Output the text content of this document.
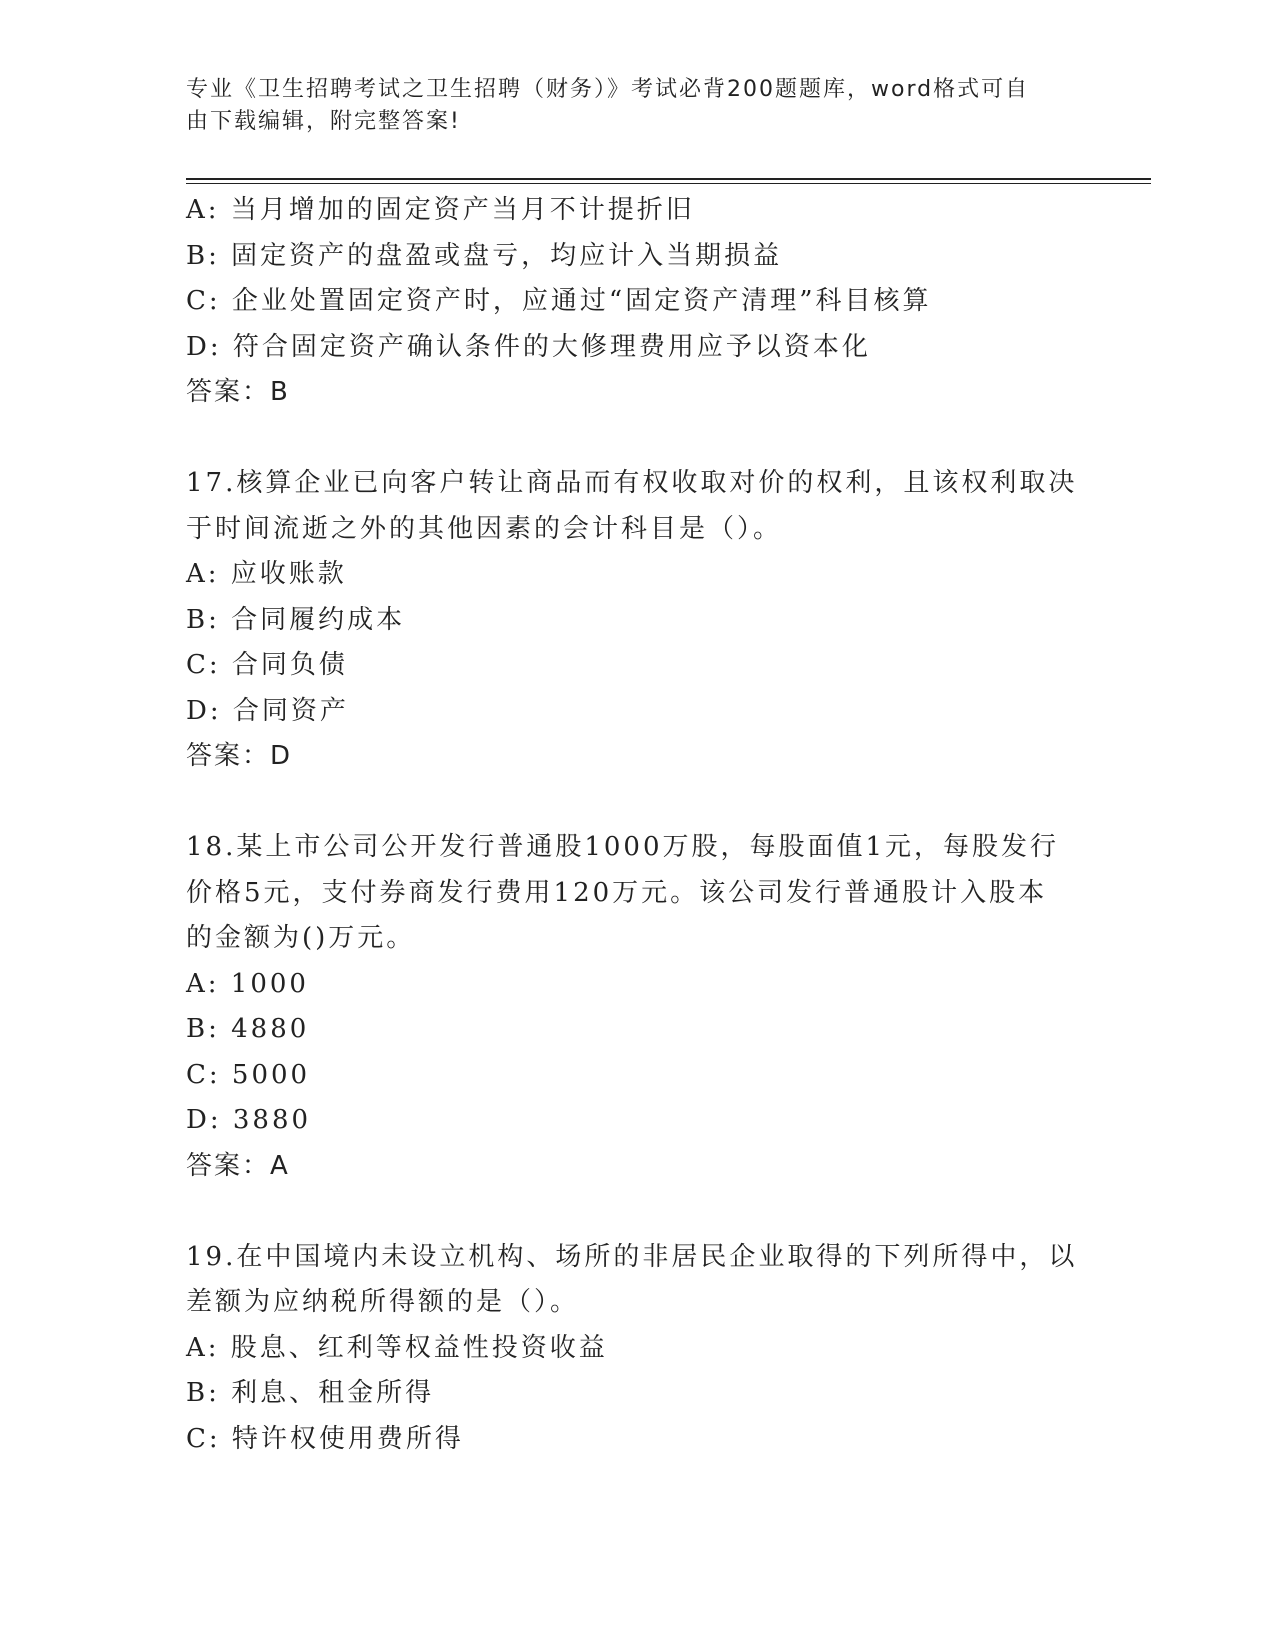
专业《卫生招聘考试之卫生招聘（财务）》考试必背200题题库，word格式可自
由下载编辑，附完整答案!
A: 当月增加的固定资产当月不计提折旧
B: 固定资产的盘盈或盘亏，均应计入当期损益
C: 企业处置固定资产时，应通过“固定资产清理”科目核算
D: 符合固定资产确认条件的大修理费用应予以资本化
答案：B
17.核算企业已向客户转让商品而有权收取对价的权利，且该权利取决
于时间流逝之外的其他因素的会计科目是（）。
A: 应收账款
B: 合同履约成本
C: 合同负债
D: 合同资产
答案：D
18.某上市公司公开发行普通股1000万股，每股面值1元，每股发行
价格5元，支付券商发行费用120万元。该公司发行普通股计入股本
的金额为()万元。
A: 1000
B: 4880
C: 5000
D: 3880
答案：A
19.在中国境内未设立机构、场所的非居民企业取得的下列所得中，以
差额为应纳税所得额的是（）。
A: 股息、红利等权益性投资收益
B: 利息、租金所得
C: 特许权使用费所得
